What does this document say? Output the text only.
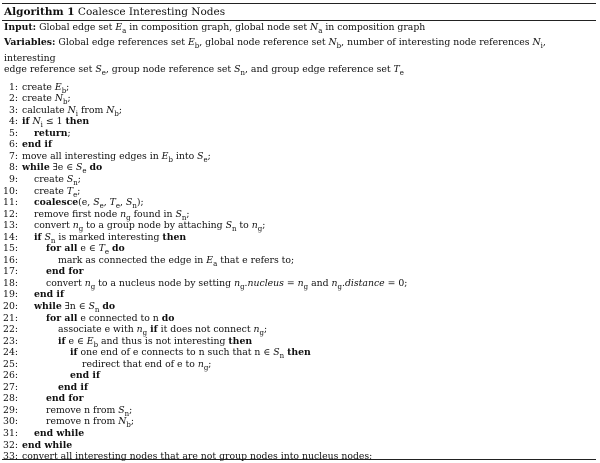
Algorithm 1 Coalesce Interesting Nodes
Input: Global edge set $E_a$ in composition graph, global node set $N_a$ in composition graph
Variables: Global edge references set $E_b$, global node reference set $N_b$, number of interesting node references $N_i$, interesting
edge reference set $S_e$, group node reference set $S_n$, and group edge reference set $T_e$
1: create $E_b$;
2: create $N_b$;
3: calculate $N_i$ from $N_b$;
4: if $N_i \le 1$ then
5: return;
6: end if
7: move all interesting edges in $E_b$ into $S_e$;
8: while ∃e ∈ $S_e$ do
9: create $S_n$;
10: create $T_e$;
11: coalesce(e, $S_e$, $T_e$, $S_n$);
12: remove first node $n_g$ found in $S_n$;
13: convert $n_g$ to a group node by attaching $S_n$ to $n_g$;
14: if $S_n$ is marked interesting then
15:	for all e ∈ $T_e$ do
16:	mark as connected the edge in $E_a$ that e refers to;
17:	end for
18:	convert $n_g$ to a nucleus node by setting $n_g.nucleus = n_g$ and $n_g.distance = 0$;
19: end if
20: while ∃n ∈ $S_n$ do
21:	for all e connected to n do
22:	associate e with $n_g$ if it does not connect $n_g$;
23:	if e ∈ $E_b$ and thus is not interesting then
24:	if one end of e connects to n such that n ∈ $S_n$ then
25:	redirect that end of e to $n_g$;
26:	end if
27:	end if
28:	end for
29:	remove n from $S_n$;
30:	remove n from $N_b$;
31: end while
32: end while
33: convert all interesting nodes that are not group nodes into nucleus nodes;
